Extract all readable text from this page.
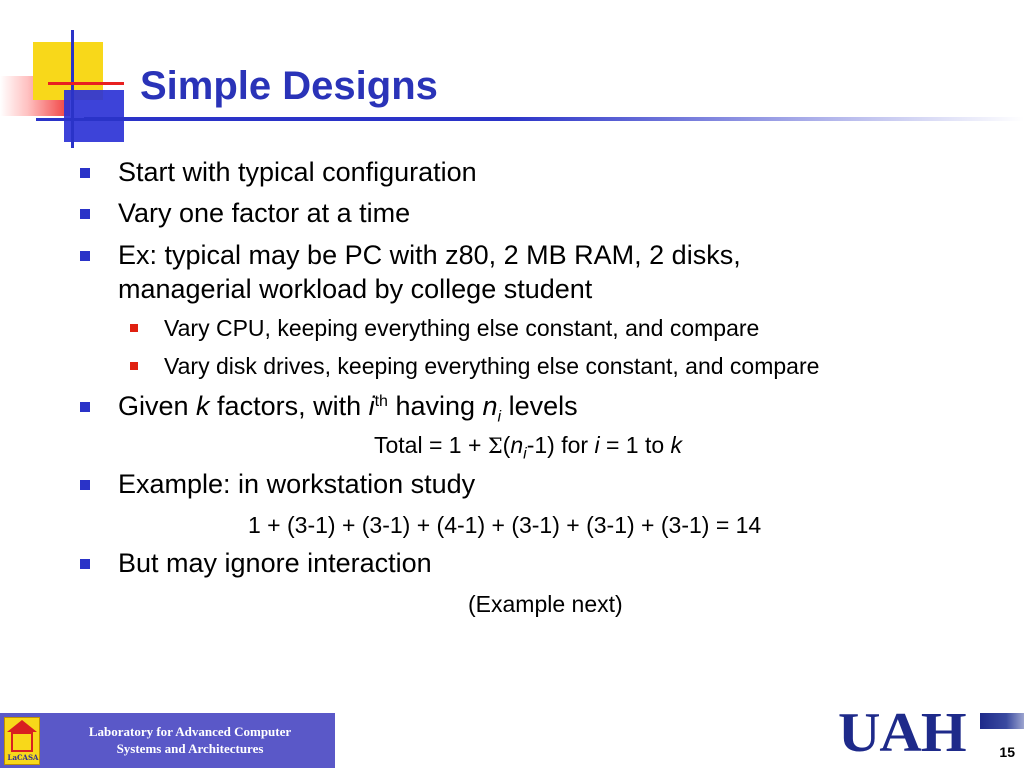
Simple Designs
Start with typical configuration
Vary one factor at a time
Ex: typical may be PC with z80, 2 MB RAM, 2 disks,
managerial workload by college student
Vary CPU, keeping everything else constant, and compare
Vary disk drives, keeping everything else constant, and compare
Given k factors, with $i^{th}$ having $n_i$ levels
Total = $1 + \Sigma(n_i-1)$ for i = 1 to k
Example: in workstation study
1 + (3-1) + (3-1) + (4-1) + (3-1) + (3-1) + (3-1) = 14
But may ignore interaction
(Example next)
LaCASA
Laboratory for Advanced Computer
Systems and Architectures	UAH 15
